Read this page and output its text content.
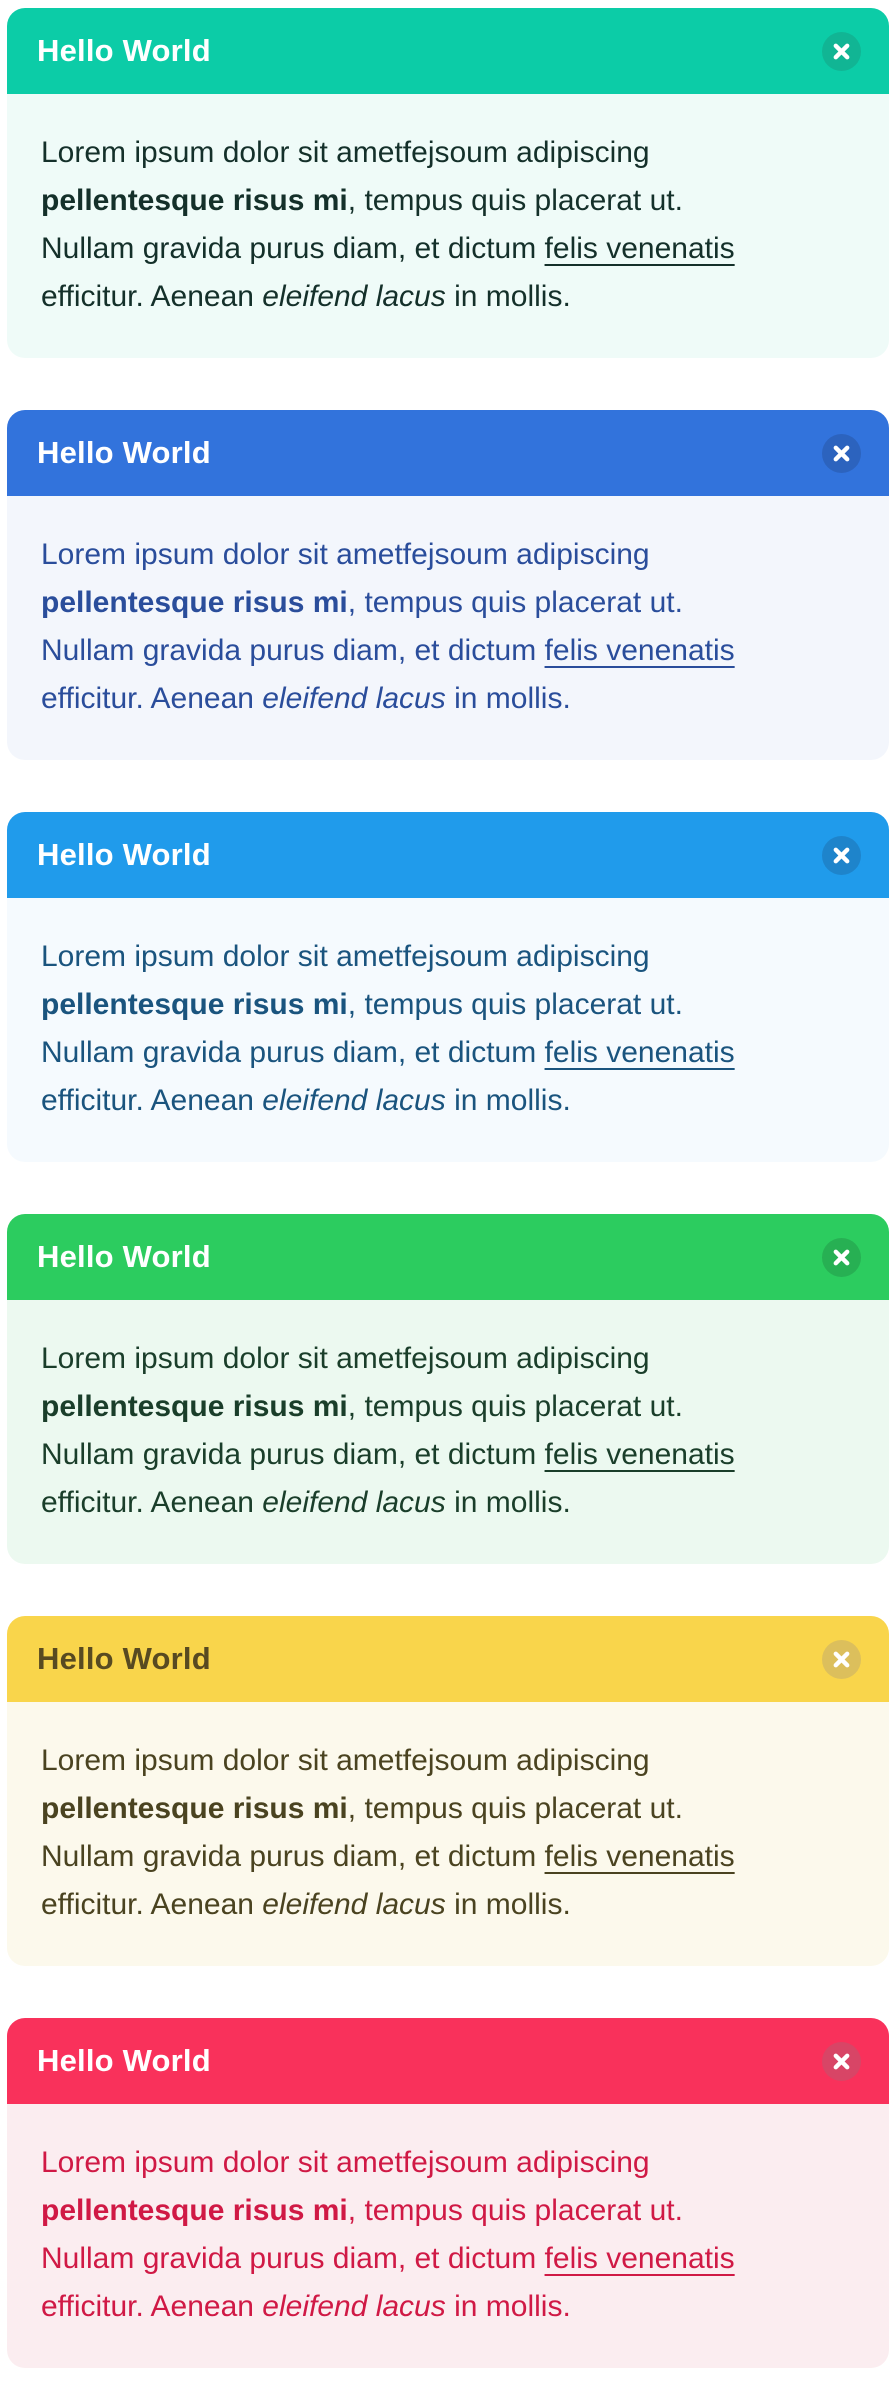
Hello World

Lorem ipsum dolor sit ametfejsoum adipiscing
pellentesque risus mi, tempus quis placerat ut.
Nullam gravida purus diam, et dictum felis venenatis
efficitur. Aenean eleifend lacus in mollis.

Hello World

Lorem ipsum dolor sit ametfejsoum adipiscing
pellentesque risus mi, tempus quis placerat ut.
Nullam gravida purus diam, et dictum felis venenatis
efficitur. Aenean eleifend lacus in mollis.

Hello World

Lorem ipsum dolor sit ametfejsoum adipiscing
pellentesque risus mi, tempus quis placerat ut.
Nullam gravida purus diam, et dictum felis venenatis
efficitur. Aenean eleifend lacus in mollis.

Hello World

Lorem ipsum dolor sit ametfejsoum adipiscing
pellentesque risus mi, tempus quis placerat ut.
Nullam gravida purus diam, et dictum felis venenatis
efficitur. Aenean eleifend lacus in mollis.

Hello World

Lorem ipsum dolor sit ametfejsoum adipiscing
pellentesque risus mi, tempus quis placerat ut.
Nullam gravida purus diam, et dictum felis venenatis
efficitur. Aenean eleifend lacus in mollis.

Hello World

Lorem ipsum dolor sit ametfejsoum adipiscing
pellentesque risus mi, tempus quis placerat ut.
Nullam gravida purus diam, et dictum felis venenatis
efficitur. Aenean eleifend lacus in mollis.
